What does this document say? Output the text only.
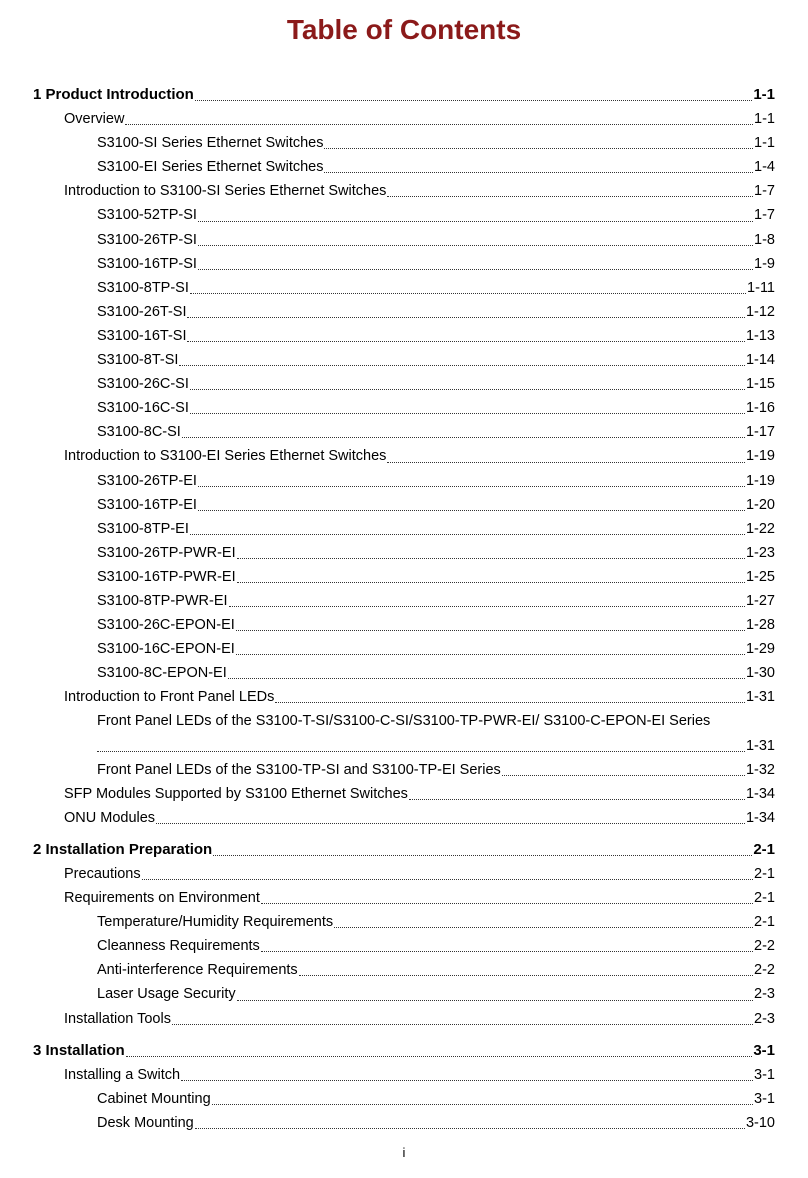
Table of Contents
1 Product Introduction	1-1
Overview	1-1
S3100-SI Series Ethernet Switches	1-1
S3100-EI Series Ethernet Switches	1-4
Introduction to S3100-SI Series Ethernet Switches	1-7
S3100-52TP-SI	1-7
S3100-26TP-SI	1-8
S3100-16TP-SI	1-9
S3100-8TP-SI	1-11
S3100-26T-SI	1-12
S3100-16T-SI	1-13
S3100-8T-SI	1-14
S3100-26C-SI	1-15
S3100-16C-SI	1-16
S3100-8C-SI	1-17
Introduction to S3100-EI Series Ethernet Switches	1-19
S3100-26TP-EI	1-19
S3100-16TP-EI	1-20
S3100-8TP-EI	1-22
S3100-26TP-PWR-EI	1-23
S3100-16TP-PWR-EI	1-25
S3100-8TP-PWR-EI	1-27
S3100-26C-EPON-EI	1-28
S3100-16C-EPON-EI	1-29
S3100-8C-EPON-EI	1-30
Introduction to Front Panel LEDs	1-31
Front Panel LEDs of the S3100-T-SI/S3100-C-SI/S3100-TP-PWR-EI/ S3100-C-EPON-EI Series
1-31
Front Panel LEDs of the S3100-TP-SI and S3100-TP-EI Series	1-32
SFP Modules Supported by S3100 Ethernet Switches	1-34
ONU Modules	1-34
2 Installation Preparation	2-1
Precautions	2-1
Requirements on Environment	2-1
Temperature/Humidity Requirements	2-1
Cleanness Requirements	2-2
Anti-interference Requirements	2-2
Laser Usage Security	2-3
Installation Tools	2-3
3 Installation	3-1
Installing a Switch	3-1
Cabinet Mounting	3-1
Desk Mounting	3-10
i
